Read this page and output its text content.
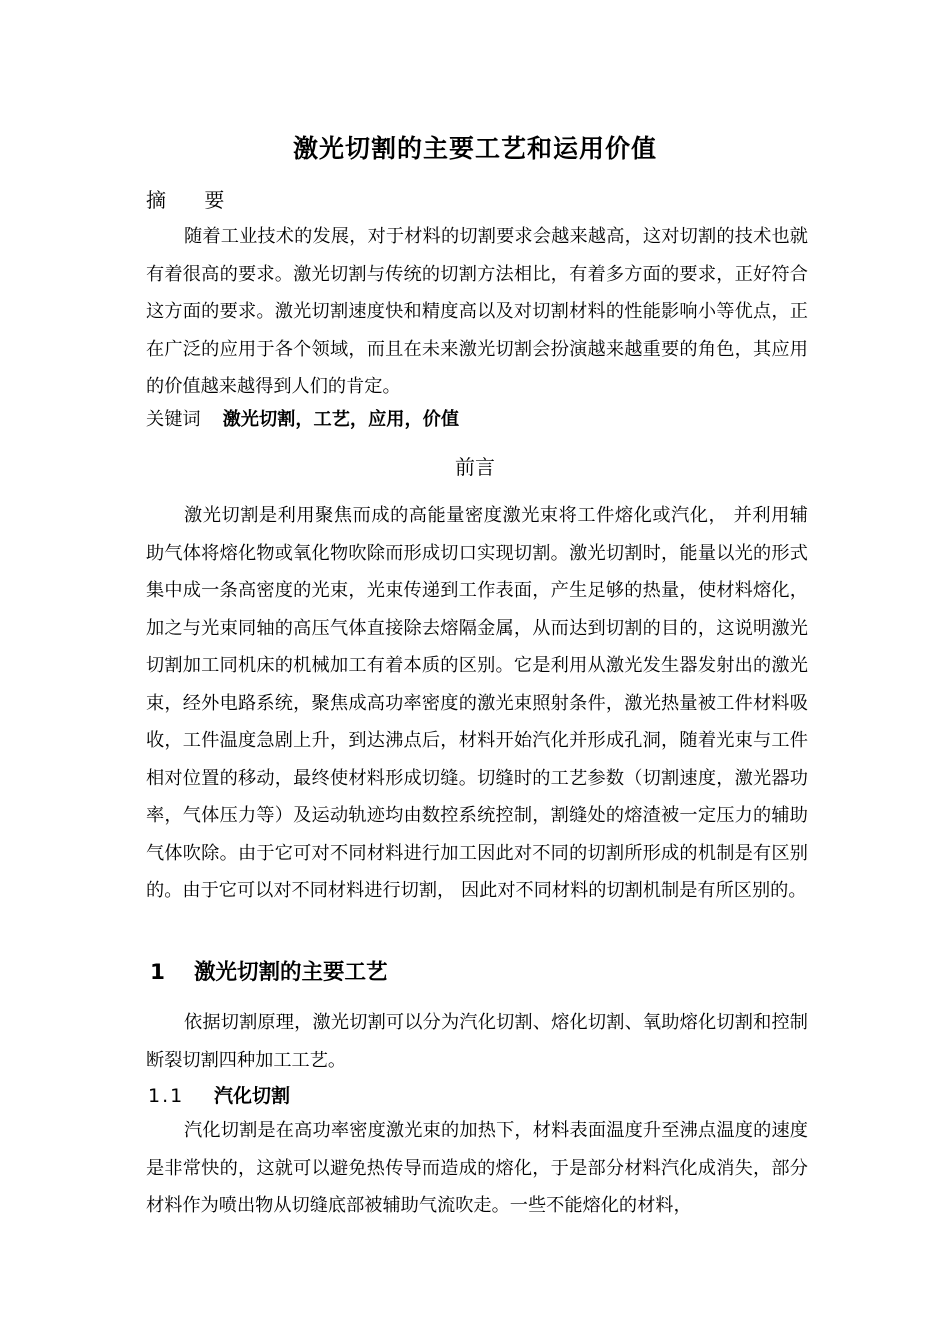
激光切割的主要工艺和运用价值
摘 要
随着工业技术的发展，对于材料的切割要求会越来越高，这对切割的技术也就有着很高的要求。激光切割与传统的切割方法相比，有着多方面的要求，正好符合这方面的要求。激光切割速度快和精度高以及对切割材料的性能影响小等优点，正在广泛的应用于各个领域，而且在未来激光切割会扮演越来越重要的角色，其应用的价值越来越得到人们的肯定。
关键词 激光切割，工艺，应用，价值
前言
激光切割是利用聚焦而成的高能量密度激光束将工件熔化或汽化， 并利用辅助气体将熔化物或氧化物吹除而形成切口实现切割。激光切割时，能量以光的形式集中成一条高密度的光束，光束传递到工作表面，产生足够的热量，使材料熔化，加之与光束同轴的高压气体直接除去熔隔金属，从而达到切割的目的，这说明激光切割加工同机床的机械加工有着本质的区别。它是利用从激光发生器发射出的激光束，经外电路系统，聚焦成高功率密度的激光束照射条件，激光热量被工件材料吸收，工件温度急剧上升，到达沸点后，材料开始汽化并形成孔洞，随着光束与工件相对位置的移动，最终使材料形成切缝。切缝时的工艺参数（切割速度，激光器功率，气体压力等）及运动轨迹均由数控系统控制，割缝处的熔渣被一定压力的辅助气体吹除。由于它可对不同材料进行加工因此对不同的切割所形成的机制是有区别的。由于它可以对不同材料进行切割， 因此对不同材料的切割机制是有所区别的。
1 激光切割的主要工艺
依据切割原理，激光切割可以分为汽化切割、熔化切割、氧助熔化切割和控制断裂切割四种加工工艺。
1.1 汽化切割
汽化切割是在高功率密度激光束的加热下，材料表面温度升至沸点温度的速度是非常快的，这就可以避免热传导而造成的熔化，于是部分材料汽化成消失，部分材料作为喷出物从切缝底部被辅助气流吹走。一些不能熔化的材料，
